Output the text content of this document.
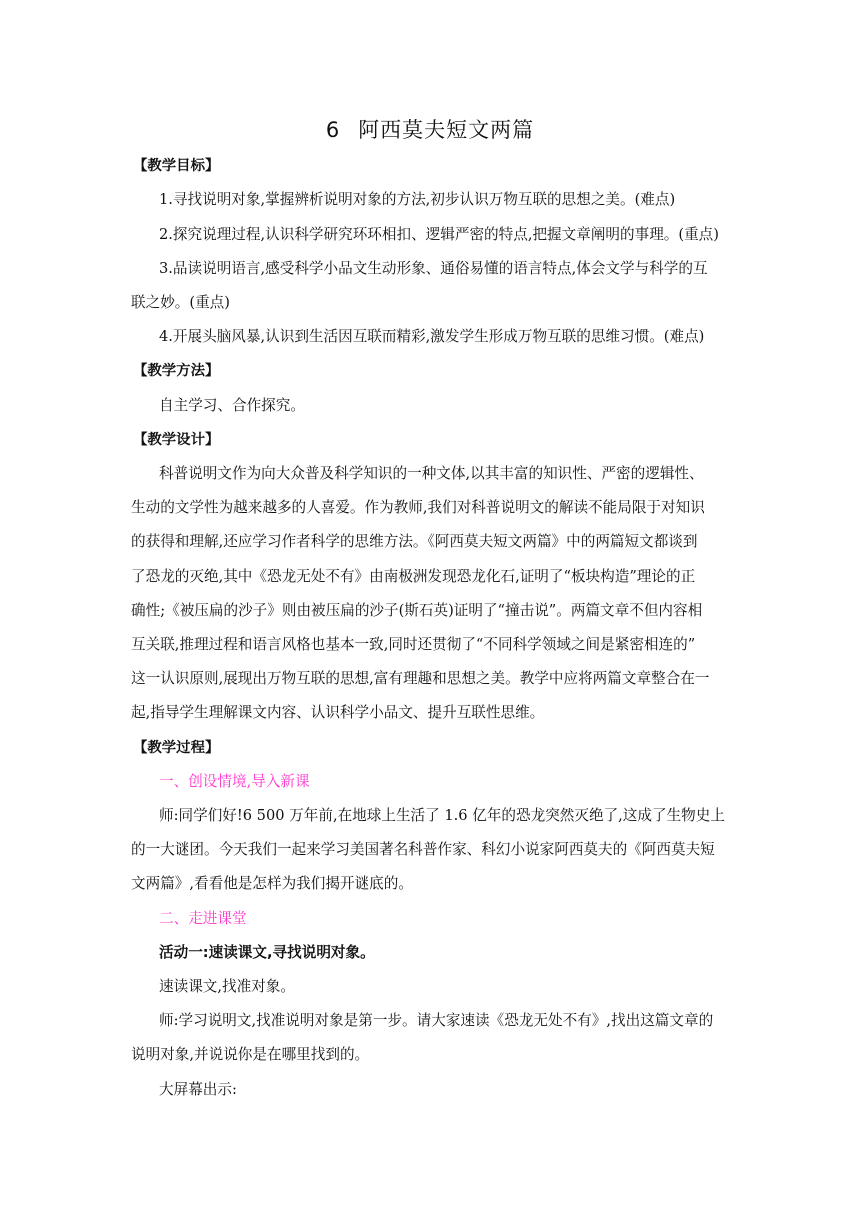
6 阿西莫夫短文两篇
【教学目标】
1.寻找说明对象,掌握辨析说明对象的方法,初步认识万物互联的思想之美。(难点)
2.探究说理过程,认识科学研究环环相扣、逻辑严密的特点,把握文章阐明的事理。(重点)
3.品读说明语言,感受科学小品文生动形象、通俗易懂的语言特点,体会文学与科学的互
联之妙。(重点)
4.开展头脑风暴,认识到生活因互联而精彩,激发学生形成万物互联的思维习惯。(难点)
【教学方法】
自主学习、合作探究。
【教学设计】
科普说明文作为向大众普及科学知识的一种文体,以其丰富的知识性、严密的逻辑性、
生动的文学性为越来越多的人喜爱。作为教师,我们对科普说明文的解读不能局限于对知识
的获得和理解,还应学习作者科学的思维方法。《阿西莫夫短文两篇》中的两篇短文都谈到
了恐龙的灭绝,其中《恐龙无处不有》由南极洲发现恐龙化石,证明了“板块构造”理论的正
确性;《被压扁的沙子》则由被压扁的沙子(斯石英)证明了“撞击说”。两篇文章不但内容相
互关联,推理过程和语言风格也基本一致,同时还贯彻了“不同科学领域之间是紧密相连的”
这一认识原则,展现出万物互联的思想,富有理趣和思想之美。教学中应将两篇文章整合在一
起,指导学生理解课文内容、认识科学小品文、提升互联性思维。
【教学过程】
一、创设情境,导入新课
师:同学们好!6 500 万年前,在地球上生活了 1.6 亿年的恐龙突然灭绝了,这成了生物史上
的一大谜团。今天我们一起来学习美国著名科普作家、科幻小说家阿西莫夫的《阿西莫夫短
文两篇》,看看他是怎样为我们揭开谜底的。
二、走进课堂
活动一:速读课文,寻找说明对象。
速读课文,找准对象。
师:学习说明文,找准说明对象是第一步。请大家速读《恐龙无处不有》,找出这篇文章的
说明对象,并说说你是在哪里找到的。
大屏幕出示:
